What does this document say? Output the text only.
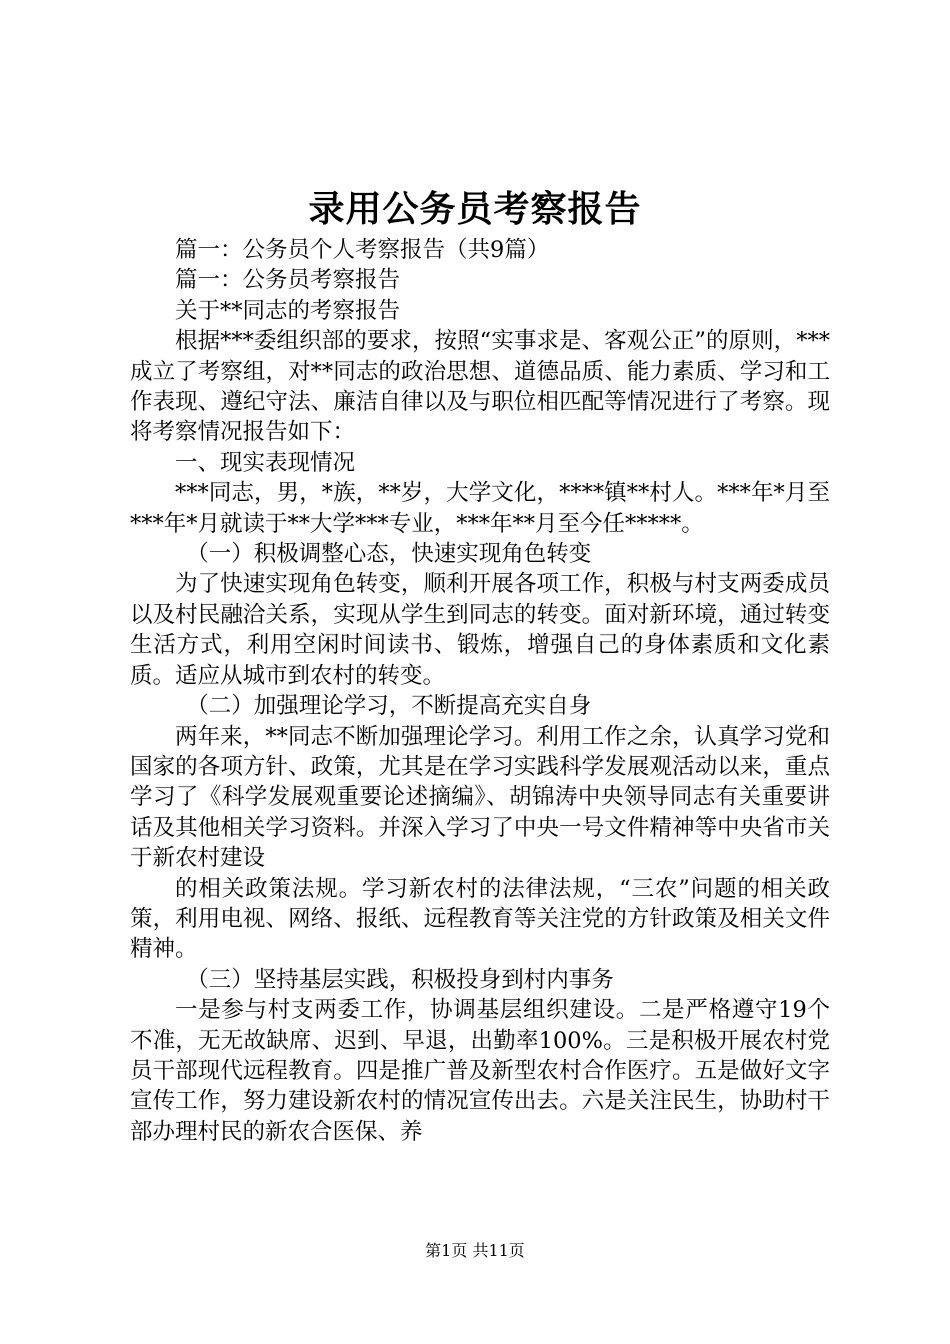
录用公务员考察报告

篇一：公务员个人考察报告（共9篇）

篇一：公务员考察报告

关于**同志的考察报告

根据***委组织部的要求，按照“实事求是、客观公正”的原则，***成立了考察组，对**同志的政治思想、道德品质、能力素质、学习和工作表现、遵纪守法、廉洁自律以及与职位相匹配等情况进行了考察。现将考察情况报告如下：

一、现实表现情况

***同志，男，*族，**岁，大学文化，****镇**村人。***年*月至***年*月就读于**大学***专业，***年**月至今任*****。

（一）积极调整心态，快速实现角色转变

为了快速实现角色转变，顺利开展各项工作，积极与村支两委成员以及村民融洽关系，实现从学生到同志的转变。面对新环境，通过转变生活方式，利用空闲时间读书、锻炼，增强自己的身体素质和文化素质。适应从城市到农村的转变。

（二）加强理论学习，不断提高充实自身

两年来，**同志不断加强理论学习。利用工作之余，认真学习党和国家的各项方针、政策，尤其是在学习实践科学发展观活动以来，重点学习了《科学发展观重要论述摘编》、胡锦涛中央领导同志有关重要讲话及其他相关学习资料。并深入学习了中央一号文件精神等中央省市关于新农村建设

的相关政策法规。学习新农村的法律法规，“三农”问题的相关政策，利用电视、网络、报纸、远程教育等关注党的方针政策及相关文件精神。

（三）坚持基层实践，积极投身到村内事务

一是参与村支两委工作，协调基层组织建设。二是严格遵守19个不准，无无故缺席、迟到、早退，出勤率100%。三是积极开展农村党员干部现代远程教育。四是推广普及新型农村合作医疗。五是做好文字宣传工作，努力建设新农村的情况宣传出去。六是关注民生，协助村干部办理村民的新农合医保、养

第1页 共11页
